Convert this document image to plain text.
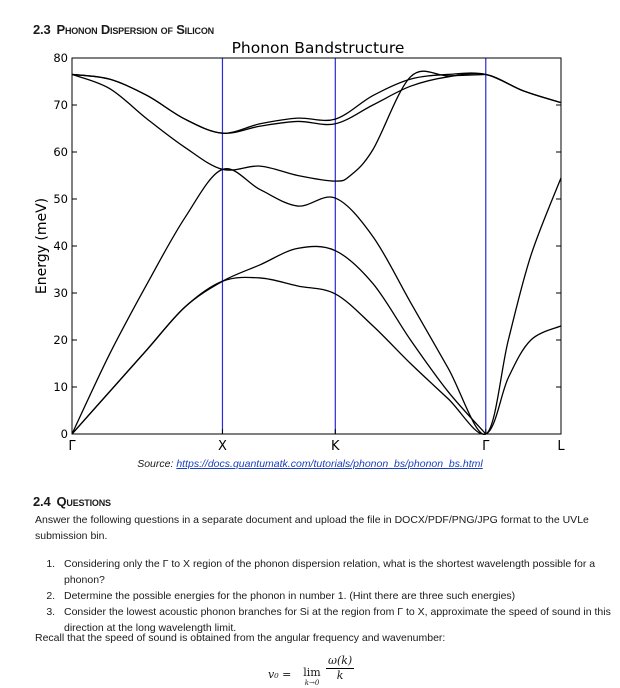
2.3 Phonon Dispersion of Silicon
Phonon Bandstructure
Energy (meV)
0
10
20
30
40
50
60
70
80
Γ	X	K	Γ	L
Source: https://docs.quantumatk.com/tutorials/phonon_bs/phonon_bs.html
2.4 Questions
Answer the following questions in a separate document and upload the file in DOCX/PDF/PNG/JPG format to the UVLe submission bin.
1. Considering only the Γ to X region of the phonon dispersion relation, what is the shortest wavelength possible for a phonon?
2. Determine the possible energies for the phonon in number 1. (Hint there are three such energies)
3. Consider the lowest acoustic phonon branches for Si at the region from Γ to X, approximate the speed of sound in this direction at the long wavelength limit.
Recall that the speed of sound is obtained from the angular frequency and wavenumber:
v₀ = lim
$k\to 0 \frac{\omega(k)}{k}$
